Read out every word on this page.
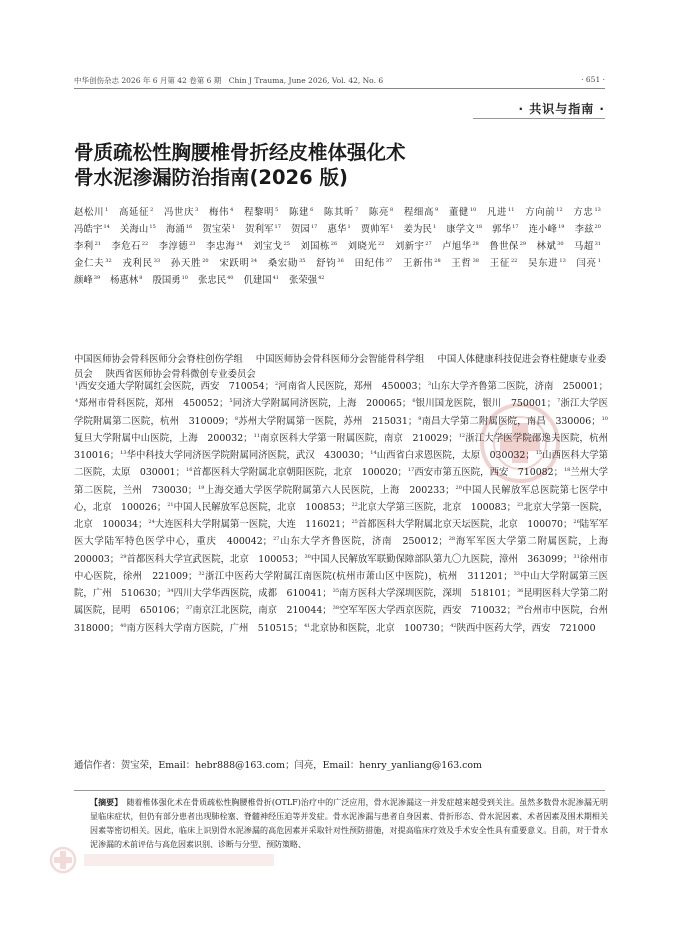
中华创伤杂志 2026 年 6 月第 42 卷第 6 期　Chin J Trauma, June 2026, Vol. 42, No. 6	· 651 ·
· 共识与指南 ·
骨质疏松性胸腰椎骨折经皮椎体强化术
骨水泥渗漏防治指南(2026 版)
赵松川$^1$ 高延征$^2$ 冯世庆$^3$ 梅伟$^4$ 程黎明$^5$ 陈建$^6$ 陈其昕$^7$ 陈亮$^8$ 程细高$^9$ 董健$^{10}$ 凡进$^{11}$ 方向前$^{12}$ 方忠$^{13}$ 冯皓宇$^{14}$ 关海山$^{15}$ 海涌$^{16}$ 贺宝荣$^1$ 贺利军$^{17}$ 贺园$^{17}$ 惠华$^1$ 贾帅军$^1$ 姜为民$^1$ 康学文$^{18}$ 郭华$^{17}$ 连小峰$^{19}$ 李兹$^{20}$ 李利$^{21}$ 李危石$^{22}$ 李淳德$^{23}$ 李忠海$^{24}$ 刘宝戈$^{25}$ 刘国栋$^{26}$ 刘晓光$^{22}$ 刘新宇$^{27}$ 卢旭华$^{28}$ 鲁世保$^{29}$ 林斌$^{30}$ 马超$^{31}$ 金仁夫$^{32}$ 戎利民$^{33}$ 孙天胜$^{20}$ 宋跃明$^{34}$ 桑宏勋$^{35}$ 舒钧$^{36}$ 田纪伟$^{37}$ 王新伟$^{28}$ 王哲$^{38}$ 王征$^{22}$ 吴东进$^{13}$ 闫亮$^1$ 颜峰$^{39}$ 杨惠林$^8$ 殷国勇$^{10}$ 张忠民$^{40}$ 仉建国$^{41}$ 张荣强$^{42}$
中国医师协会骨科医师分会脊柱创伤学组 中国医师协会骨科医师分会智能骨科学组 中国人体健康科技促进会脊柱健康专业委员会 陕西省医师协会骨科微创专业委员会
$^1$西安交通大学附属红会医院，西安　710054；$^2$河南省人民医院，郑州　450003；$^3$山东大学齐鲁第二医院，济南　250001；$^4$郑州市骨科医院，郑州　450052；$^5$同济大学附属同济医院，上海　200065；$^6$银川国龙医院，银川　750001；$^7$浙江大学医学院附属第二医院，杭州　310009；$^8$苏州大学附属第一医院，苏州　215031；$^9$南昌大学第二附属医院，南昌　330006；$^{10}$复旦大学附属中山医院，上海　200032；$^{11}$南京医科大学第一附属医院，南京　210029；$^{12}$浙江大学医学院邵逸夫医院，杭州　310016；$^{13}$华中科技大学同济医学院附属同济医院，武汉　430030；$^{14}$山西省白求恩医院，太原　030032；$^{15}$山西医科大学第二医院，太原　030001；$^{16}$首都医科大学附属北京朝阳医院，北京　100020；$^{17}$西安市第五医院，西安　710082；$^{18}$兰州大学第二医院，兰州　730030；$^{19}$上海交通大学医学院附属第六人民医院，上海　200233；$^{20}$中国人民解放军总医院第七医学中心，北京　100026；$^{21}$中国人民解放军总医院，北京　100853；$^{22}$北京大学第三医院，北京　100083；$^{23}$北京大学第一医院，北京　100034；$^{24}$大连医科大学附属第一医院，大连　116021；$^{25}$首都医科大学附属北京天坛医院，北京　100070；$^{26}$陆军军医大学陆军特色医学中心，重庆　400042；$^{27}$山东大学齐鲁医院，济南　250012；$^{28}$海军军医大学第二附属医院，上海　200003；$^{29}$首都医科大学宣武医院，北京　100053；$^{30}$中国人民解放军联勤保障部队第九〇九医院，漳州　363099；$^{31}$徐州市中心医院，徐州　221009；$^{32}$浙江中医药大学附属江南医院(杭州市萧山区中医院)，杭州　311201；$^{33}$中山大学附属第三医院，广州　510630；$^{34}$四川大学华西医院，成都　610041；$^{35}$南方医科大学深圳医院，深圳　518101；$^{36}$昆明医科大学第二附属医院，昆明　650106；$^{37}$南京江北医院，南京　210044；$^{38}$空军军医大学西京医院，西安　710032；$^{39}$台州市中医院，台州　318000；$^{40}$南方医科大学南方医院，广州　510515；$^{41}$北京协和医院，北京　100730；$^{42}$陕西中医药大学，西安　721000
通信作者：贺宝荣，Email：hebr888@163.com；闫亮，Email：henry_yanliang@163.com
【摘要】 随着椎体强化术在骨质疏松性胸腰椎骨折(OTLF)治疗中的广泛应用，骨水泥渗漏这一并发症越来越受到关注。虽然多数骨水泥渗漏无明显临床症状，但仍有部分患者出现肺栓塞、脊髓神经压迫等并发症。骨水泥渗漏与患者自身因素、骨折形态、骨水泥因素、术者因素及围术期相关因素等密切相关。因此，临床上识别骨水泥渗漏的高危因素并采取针对性预防措施，对提高临床疗效及手术安全性具有重要意义。目前，对于骨水泥渗漏的术前评估与高危因素识别、诊断与分型、预防策略、
